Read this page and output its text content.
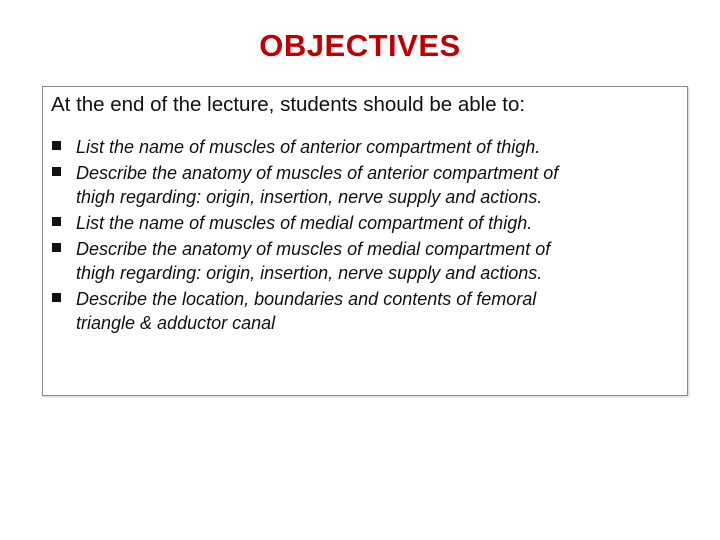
OBJECTIVES
At the end of the lecture, students should be able to:
List the name of muscles of anterior compartment of thigh.
Describe the anatomy of muscles of anterior compartment of
thigh regarding: origin, insertion, nerve supply and actions.
List the name of muscles of medial compartment of thigh.
Describe the anatomy of muscles of medial compartment of
thigh regarding: origin, insertion, nerve supply and actions.
Describe the location, boundaries and contents of femoral
triangle & adductor canal
